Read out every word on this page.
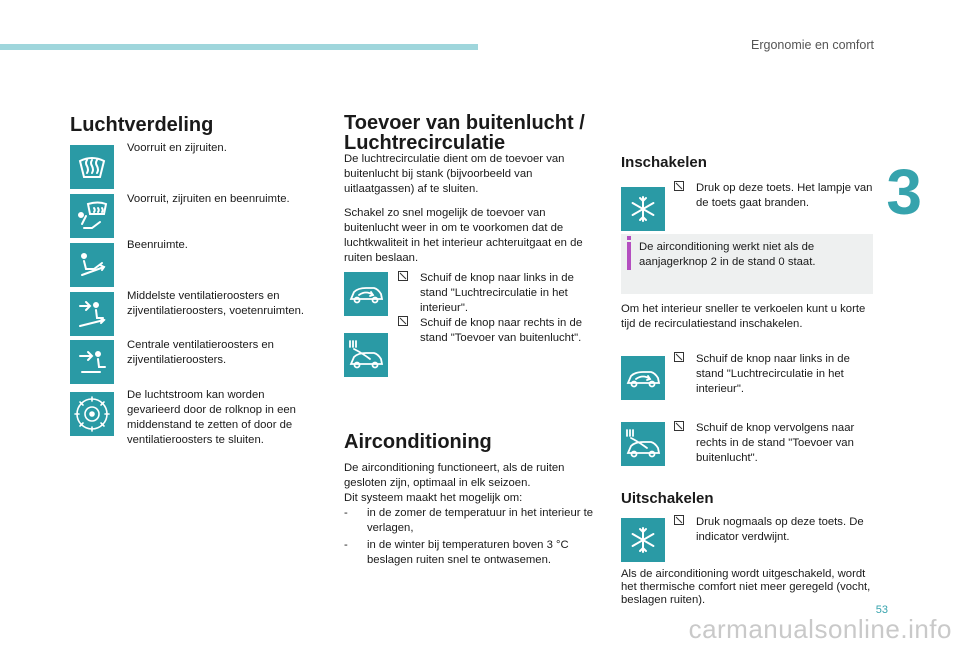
Ergonomie en comfort
3
53
carmanualsonline.info
Luchtverdeling
Voorruit en zijruiten.
Voorruit, zijruiten en beenruimte.
Beenruimte.
Middelste ventilatieroosters en zijventilatieroosters, voetenruimten.
Centrale ventilatieroosters en zijventilatieroosters.
De luchtstroom kan worden gevarieerd door de rolknop in een middenstand te zetten of door de ventilatieroosters te sluiten.
Toevoer van buitenlucht /
Luchtrecirculatie
De luchtrecirculatie dient om de toevoer van buitenlucht bij stank (bijvoorbeeld van uitlaatgassen) af te sluiten.
Schakel zo snel mogelijk de toevoer van buitenlucht weer in om te voorkomen dat de luchtkwaliteit in het interieur achteruitgaat en de ruiten beslaan.
Schuif de knop naar links in de stand "Luchtrecirculatie in het interieur".
Schuif de knop naar rechts in de stand "Toevoer van buitenlucht".
Airconditioning
De airconditioning functioneert, als de ruiten gesloten zijn, optimaal in elk seizoen.
Dit systeem maakt het mogelijk om:
-	in de zomer de temperatuur in het interieur te verlagen,
-	in de winter bij temperaturen boven 3 °C beslagen ruiten snel te ontwasemen.
Inschakelen
Druk op deze toets. Het lampje van de toets gaat branden.
De airconditioning werkt niet als de aanjagerknop 2 in de stand 0 staat.
Om het interieur sneller te verkoelen kunt u korte tijd de recirculatiestand inschakelen.
Schuif de knop naar links in de stand "Luchtrecirculatie in het interieur".
Schuif de knop vervolgens naar rechts in de stand "Toevoer van buitenlucht".
Uitschakelen
Druk nogmaals op deze toets. De indicator verdwijnt.
Als de airconditioning wordt uitgeschakeld, wordt het thermische comfort niet meer geregeld (vocht, beslagen ruiten).
